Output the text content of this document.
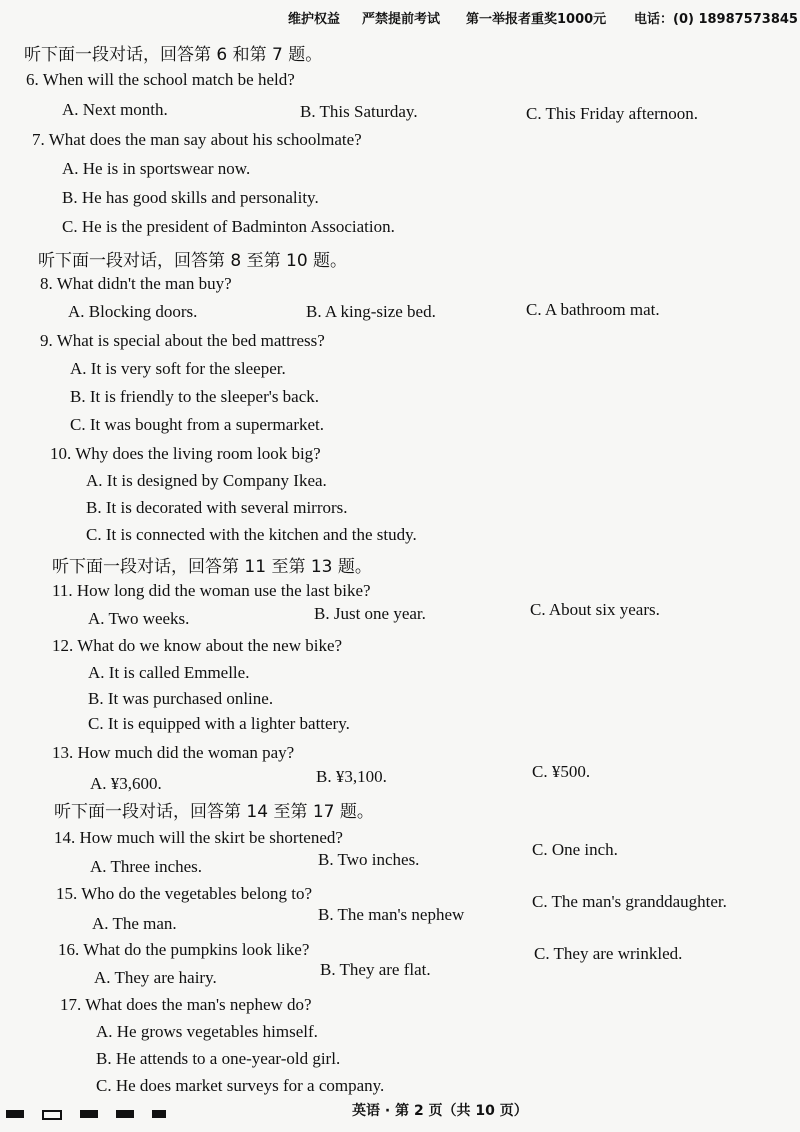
维护权益 严禁提前考试 第一举报者重奖1000元 电话：(0) 18987573845
听下面一段对话，回答第 6 和第 7 题。
6. When will the school match be held?
A. Next month.	B. This Saturday.	C. This Friday afternoon.
7. What does the man say about his schoolmate?
A. He is in sportswear now.
B. He has good skills and personality.
C. He is the president of Badminton Association.
听下面一段对话，回答第 8 至第 10 题。
8. What didn't the man buy?
A. Blocking doors.	B. A king-size bed.	C. A bathroom mat.
9. What is special about the bed mattress?
A. It is very soft for the sleeper.
B. It is friendly to the sleeper's back.
C. It was bought from a supermarket.
10. Why does the living room look big?
A. It is designed by Company Ikea.
B. It is decorated with several mirrors.
C. It is connected with the kitchen and the study.
听下面一段对话，回答第 11 至第 13 题。
11. How long did the woman use the last bike?
A. Two weeks.	B. Just one year.	C. About six years.
12. What do we know about the new bike?
A. It is called Emmelle.
B. It was purchased online.
C. It is equipped with a lighter battery.
13. How much did the woman pay?
A. ¥3,600.	B. ¥3,100.	C. ¥500.
听下面一段对话，回答第 14 至第 17 题。
14. How much will the skirt be shortened?
A. Three inches.	B. Two inches.
C. One inch.
15. Who do the vegetables belong to?
A. The man.	B. The man's nephew
C. The man's granddaughter.
16. What do the pumpkins look like?
A. They are hairy.	B. They are flat.
C. They are wrinkled.
17. What does the man's nephew do?
A. He grows vegetables himself.
B. He attends to a one-year-old girl.
C. He does market surveys for a company.
英语 · 第 2 页（共 10 页）
